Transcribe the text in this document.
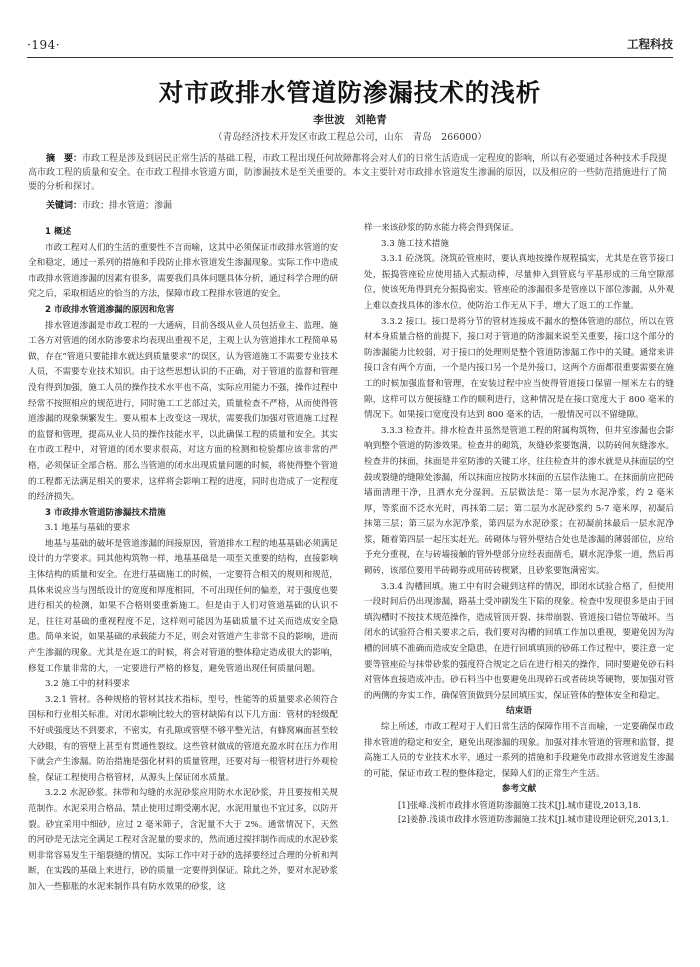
·194·	工程科技
对市政排水管道防渗漏技术的浅析
李世波　刘艳青
（青岛经济技术开发区市政工程总公司，山东　青岛　266000）
摘　要：市政工程是涉及到居民正常生活的基础工程，市政工程出现任何故障都将会对人们的日常生活造成一定程度的影响，所以有必要通过各种技术手段提高市政工程的质量和安全。在市政工程排水管道方面，防渗漏技术是至关重要的。本文主要针对市政排水管道发生渗漏的原因，以及相应的一些防范措施进行了简要的分析和探讨。
关键词：市政；排水管道；渗漏
1 概述

市政工程对人们的生活的重要性不言而喻，这其中必须保证市政排水管道的安全和稳定，通过一系列的措施和手段防止排水管道发生渗漏现象。实际工作中造成市政排水管道渗漏的因素有很多，需要我们具体问题具体分析，通过科学合理的研究之后，采取相适应的恰当的方法，保障市政工程排水管道的安全。

2 市政排水管道渗漏的原因和危害

排水管道渗漏是市政工程的一大通病，目前各级从业人员包括业主、监理、施工各方对管道的闭水防渗要求均表现出重视不足，主观上认为管道排水工程简单易做，存在“管道只要能排水就达到质量要求”的误区，认为管道施工不需要专业技术人员，不需要专业技术知识。由于这些思想认识的不正确，对于管道的监督和管理没有得到加强，施工人员的操作技术水平也不高，实际应用能力不强，操作过程中经常不按照相应的规范进行，同时施工工艺部过关，质量检查不严格，从而使得管道渗漏的现象频繁发生。要从根本上改变这一现状，需要我们加强对管道施工过程的监督和管理，提高从业人员的操作技能水平，以此确保工程的质量和安全。其实在市政工程中，对管道的闭水要求很高，对这方面的检测和检验都应该非常的严格，必须保证全部合格。那么当管道的闭水出现质量问题的时候，将使得整个管道的工程都无法满足相关的要求，这样将会影响工程的进度，同时也造成了一定程度的经济损失。

3 市政排水管道防渗漏技术措施
3.1 地基与基础的要求

地基与基础的破坏是管道渗漏的间接原因，管道排水工程的地基基础必须满足设计的力学要求。同其他构筑物一样，地基基础是一项至关重要的结构，直接影响主体结构的质量和安全。在进行基础施工的时候，一定要符合相关的规则和规范，具体来说应当与图纸设计的宽度和厚度相同，不可出现任何的偏差，对于强度也要进行相关的检测，如果不合格则要重新施工。但是由于人们对管道基础的认识不足，往往对基础的重视程度不足，这样则可能因为基础质量不过关而造成安全隐患。简单来说，如果基础的承载能力不足，则会对管道产生非常不良的影响，进而产生渗漏的现象。尤其是在返工的时候，将会对管道的整体稳定造成很大的影响，修复工作量非常的大，一定要进行严格的修复，避免管道出现任何质量问题。

3.2 施工中的材料要求

3.2.1 管材。各种规格的管材其技术指标，型号，性能等的质量要求必须符合国标和行业相关标准。对闭水影响比较大的管材缺陷有以下几方面：管材的轻级配不好或强度达不到要求，不密实，有孔隙或管壁不够平整光洁，有蜂窝麻面甚至较大砂眼，有的管壁上甚至有贯通性裂纹。这些管材做成的管道充盈水时在压力作用下就会产生渗漏。防治措施是强化材料的质量管理，还要对每一根管材进行外观检验，保证工程使用合格管材，从源头上保证闭水质量。

3.2.2 水泥砂浆。抹带和勾缝的水泥砂浆应用防水水泥砂浆，并且要按相关规范制作。水泥采用合格品，禁止使用过期受潮水泥，水泥用量也不宜过多，以防开裂。砂宜采用中细砂，应过 2 毫米筛子，含泥量不大于 2%。通常情况下，天然的河砂是无法完全满足工程对含泥量的要求的，然而通过搅拌制作而成的水泥砂浆则非常容易发生干缩裂缝的情况。实际工作中对于砂的选择要经过合理的分析和判断，在实践的基础上来进行，砂的质量一定要得到保证。除此之外，要对水泥砂浆加入一些膨胀的水泥来制作具有防水效果的砂浆，这

样一来该砂浆的防水能力将会得到保证。

3.3 施工技术措施

3.3.1 砼浇筑。浇筑砼管座时，要认真地按操作规程搞实，尤其是在管节接口处，振捣管座砼应使用插入式振动棒，尽量伸入到管底与平基形成的三角空隙部位，使该死角得到充分振捣密实。管座砼的渗漏很多是管座以下部位渗漏，从外观上难以查找具体的渗水位，使防治工作无从下手，增大了返工的工作量。

3.3.2 接口。接口是将分节的管材连接成不漏水的整体管道的部位，所以在管材本身质量合格的前提下，接口对于管道的防渗漏来说至关重要，接口这个部分的防渗漏能力比较弱，对于接口的处理则是整个管道防渗漏工作中的关键。通常来讲接口含有两个方面，一个是内接口另一个是外接口，这两个方面都很重要需要在施工的时候加强监督和管理，在安装过程中应当使得管道接口保留一厘米左右的缝隙，这样可以方便接缝工作的顺利进行，这种情况是在接口宽度大于 800 毫米的情况下。如果接口宽度没有达到 800 毫米的话，一般情况可以不留缝隙。

3.3.3 检查井。排水检查井虽然是管道工程的附属构筑物，但井室渗漏也会影响到整个管道的防渗效果。检查井的砌筑，灰缝砂浆要饱满，以防砖间灰缝渗水。检查井的抹面，抹面是井室防渗的关键工序，往往检查井的渗水就是从抹面层的空鼓或裂缝的缝隙处渗漏，所以抹面应按防水抹面的五层作法施工。在抹面前应把砖墙面清理干净，且洒水充分湿润。五层做法是：第一层为水泥净浆，约 2 毫米厚，等浆面不泛水光时，再抹第二层；第二层为水泥砂浆约 5-7 毫米厚，初凝后抹第三层；第三层为水泥净浆，第四层为水泥砂浆；在初凝前抹最后一层水泥净浆，随着第四层一起压实赶光。砖砌体与管外壁结合处也是渗漏的薄弱部位，应给予充分重视，在与砖墙接触的管外壁部分应经表面凿毛，刷水泥净浆一道，然后再砌砖，该部位要用半砖砌券或用砖砖楔紧，且砂浆要饱满密实。

3.3.4 沟槽回填。施工中有时会碰到这样的情况，即闭水试验合格了，但使用一段时间后仍出现渗漏，路基土受冲刷发生下陷的现象。检查中发现很多是由于回填沟槽时不按技术规范操作，造成管顶开裂、抹带崩裂、管道接口错位等破坏。当闭水的试验符合相关要求之后，我们要对沟槽的回填工作加以重视，要避免因为沟槽的回填不准确而造成安全隐患，在进行回填填顶的砂砾工作过程中，要注意一定要等管座砼与抹带砂浆的强度符合规定之后在进行相关的操作，同时要避免砂石料对管体直接造成冲击。砂石料当中也要避免出现碎石或者砖块等硬物，要加强对管的两侧的夯实工作，确保管顶做到分层回填压实，保证管体的整体安全和稳定。

结束语

综上所述，市政工程对于人们日常生活的保障作用不言而喻，一定要确保市政排水管道的稳定和安全，避免出现渗漏的现象。加强对排水管道的管理和监督，提高施工人员的专业技术水平，通过一系列的措施和手段避免市政排水管道发生渗漏的可能，保证市政工程的整体稳定，保障人们的正常生产生活。

参考文献

[1]张峰.浅析市政排水管道防渗漏施工技术[J].城市建设,2013,18.

[2]姜静.浅谈市政排水管道防渗漏施工技术[J].城市建设理论研究,2013,1.
